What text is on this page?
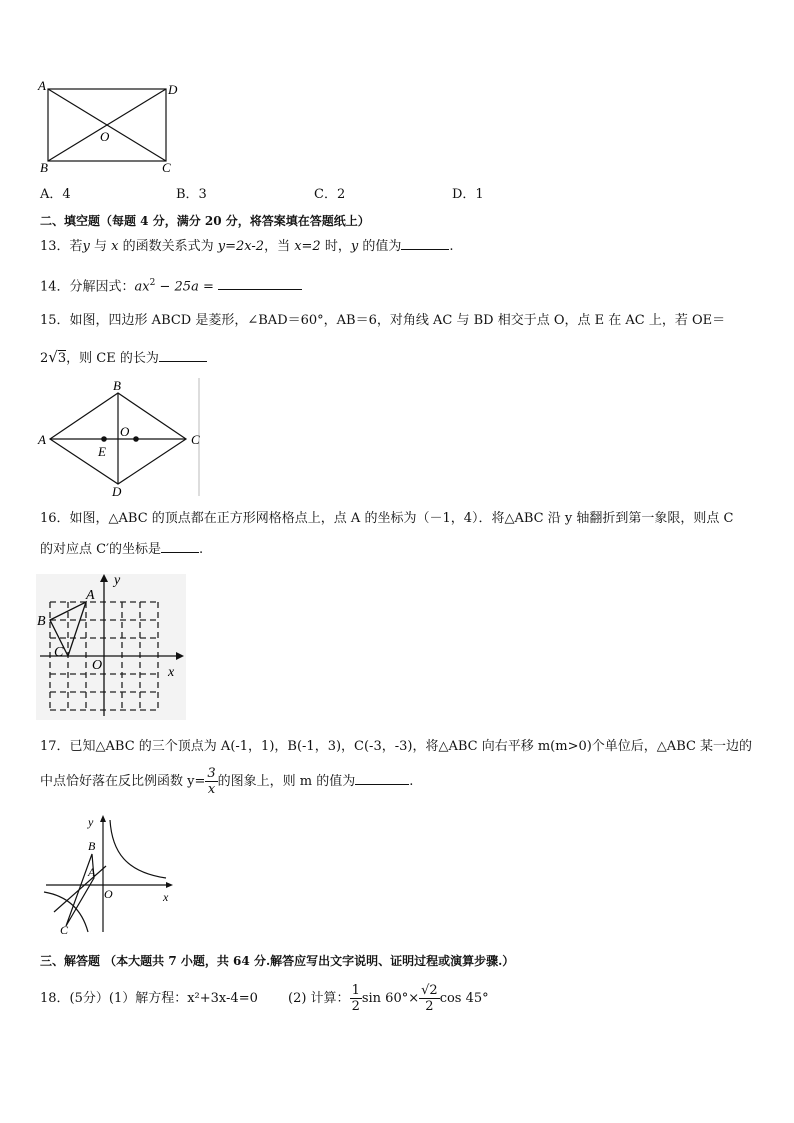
A	D
B	C
O
A．4	B．3	C．2	D．1
二、填空题（每题 4 分，满分 20 分，将答案填在答题纸上）
13．若y 与 x 的函数关系式为 y=2x-2，当 x=2 时，y 的值为	.
14．分解因式：$ax^2 - 25a$ =
15．如图，四边形 ABCD 是菱形，∠BAD＝60°，AB＝6，对角线 AC 与 BD 相交于点 O，点 E 在 AC 上，若 OE＝
2√3，则 CE 的长为
A
B
C
D
O
E
16．如图，△ABC 的顶点都在正方形网格格点上，点 A 的坐标为（－1，4）．将△ABC 沿 y 轴翻折到第一象限，则点 C
的对应点 C′的坐标是	.
y
x
A
B
C
O
17．已知△ABC 的三个顶点为 A(-1，1)，B(-1，3)，C(-3，-3)，将△ABC 向右平移 m(m>0)个单位后，△ABC 某一边的
中点恰好落在反比例函数 $y= \frac{3}{x}$ 的图象上，则 m 的值为	.
y
x
B
A
O
C
三、解答题 （本大题共 7 小题，共 64 分.解答应写出文字说明、证明过程或演算步骤.）
18．(5分）(1）解方程：x²+3x-4=0 (2) 计算： $\frac{1}{2}$ $\sin 60^\circ\times \frac{√2}{2}$ cos 45°
